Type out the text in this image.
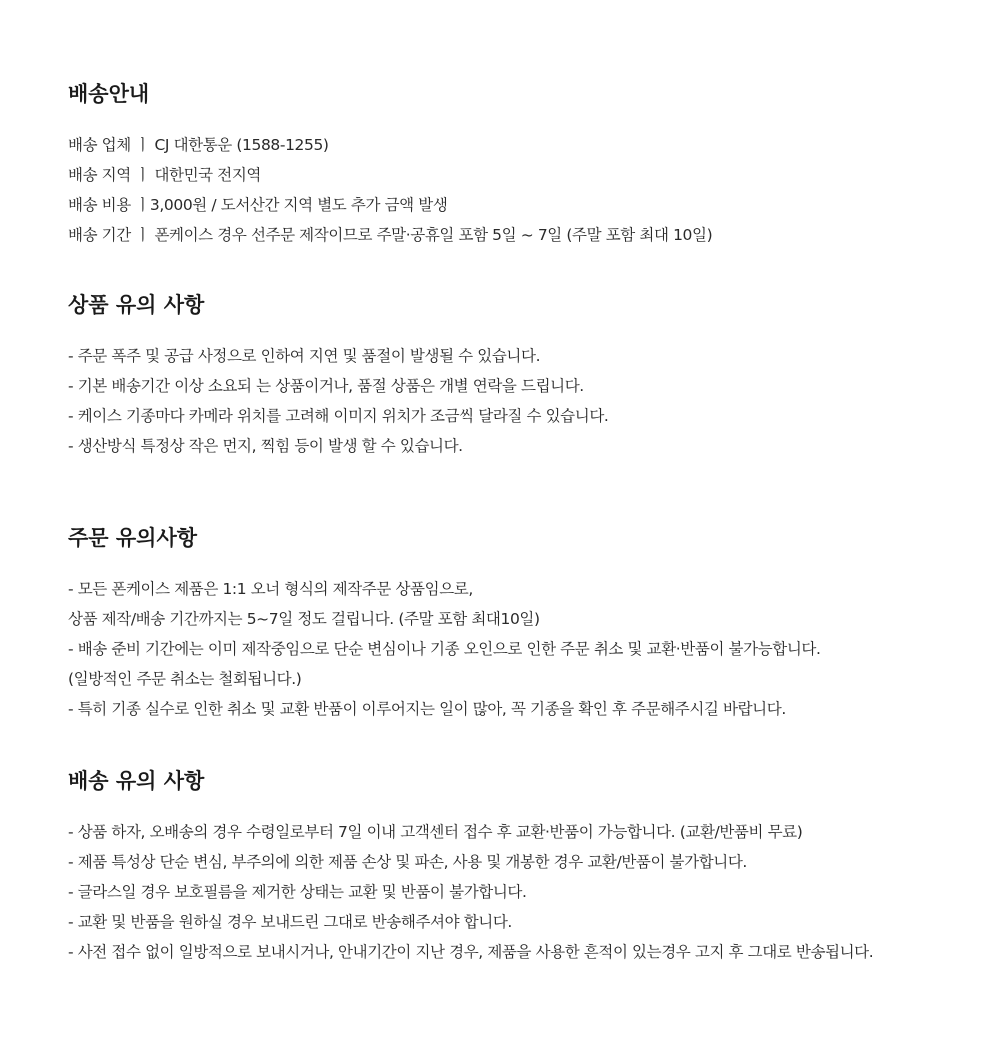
배송안내
배송 업체 ㅣ CJ 대한통운 (1588-1255)
배송 지역 ㅣ 대한민국 전지역
배송 비용 ㅣ3,000원 / 도서산간 지역 별도 추가 금액 발생
배송 기간 ㅣ 폰케이스 경우 선주문 제작이므로 주말·공휴일 포함 5일 ~ 7일 (주말 포함 최대 10일)
상품 유의 사항
- 주문 폭주 및 공급 사정으로 인하여 지연 및 품절이 발생될 수 있습니다.
- 기본 배송기간 이상 소요되 는 상품이거나, 품절 상품은 개별 연락을 드립니다.
- 케이스 기종마다 카메라 위치를 고려해 이미지 위치가 조금씩 달라질 수 있습니다.
- 생산방식 특정상 작은 먼지, 찍힘 등이 발생 할 수 있습니다.
주문 유의사항
- 모든 폰케이스 제품은 1:1 오너 형식의 제작주문 상품임으로,
상품 제작/배송 기간까지는 5~7일 정도 걸립니다. (주말 포함 최대10일)
- 배송 준비 기간에는 이미 제작중임으로 단순 변심이나 기종 오인으로 인한 주문 취소 및 교환·반품이 불가능합니다.
(일방적인 주문 취소는 철회됩니다.)
- 특히 기종 실수로 인한 취소 및 교환 반품이 이루어지는 일이 많아, 꼭 기종을 확인 후 주문해주시길 바랍니다.
배송 유의 사항
- 상품 하자, 오배송의 경우 수령일로부터 7일 이내 고객센터 접수 후 교환·반품이 가능합니다. (교환/반품비 무료)
- 제품 특성상 단순 변심, 부주의에 의한 제품 손상 및 파손, 사용 및 개봉한 경우 교환/반품이 불가합니다.
- 글라스일 경우 보호필름을 제거한 상태는 교환 및 반품이 불가합니다.
- 교환 및 반품을 원하실 경우 보내드린 그대로 반송해주셔야 합니다.
- 사전 접수 없이 일방적으로 보내시거나, 안내기간이 지난 경우, 제품을 사용한 흔적이 있는경우 고지 후 그대로 반송됩니다.
